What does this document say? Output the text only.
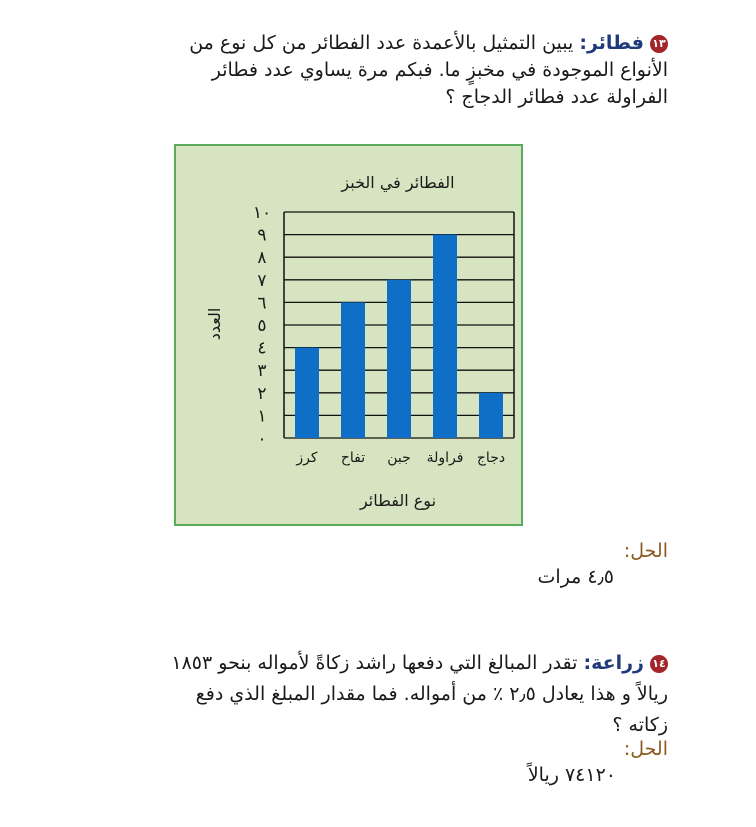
١٣فطائر: يبين التمثيل بالأعمدة عدد الفطائر من كل نوع من
الأنواع الموجودة في مخبزٍ ما. فبكم مرة يساوي عدد فطائر
الفراولة عدد فطائر الدجاج ؟
الفطائر في الخبز
العدد
٠
١
٢
٣
٤
٥
٦
٧
٨
٩
١٠
كرز تفاح جبن فراولة دجاج
نوع الفطائر
الحل:
٤٫٥ مرات
١٤زراعة: تقدر المبالغ التي دفعها راشد زكاةً لأمواله بنحو ١٨٥٣
ريالاً و هذا يعادل ٢٫٥ ٪ من أمواله. فما مقدار المبلغ الذي دفع
زكاته ؟
الحل:
٧٤١٢٠ ريالاً
